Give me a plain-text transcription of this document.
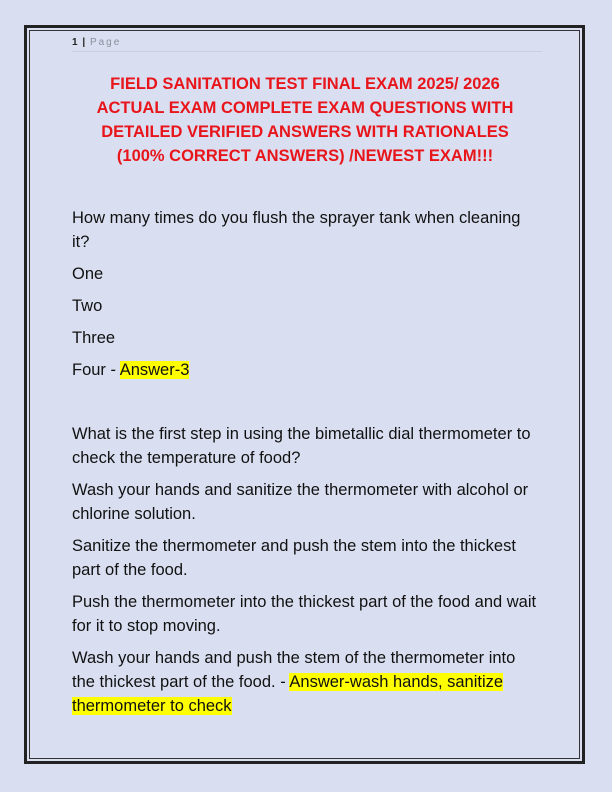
1 | Page
FIELD SANITATION TEST FINAL EXAM 2025/ 2026
ACTUAL EXAM COMPLETE EXAM QUESTIONS WITH
DETAILED VERIFIED ANSWERS WITH RATIONALES
(100% CORRECT ANSWERS) /NEWEST EXAM!!!

How many times do you flush the sprayer tank when cleaning it?

One

Two

Three

Four - Answer-3

What is the first step in using the bimetallic dial thermometer to check the temperature of food?

Wash your hands and sanitize the thermometer with alcohol or chlorine solution.

Sanitize the thermometer and push the stem into the thickest part of the food.

Push the thermometer into the thickest part of the food and wait for it to stop moving.

Wash your hands and push the stem of the thermometer into the thickest part of the food. - Answer-wash hands, sanitize thermometer to check
